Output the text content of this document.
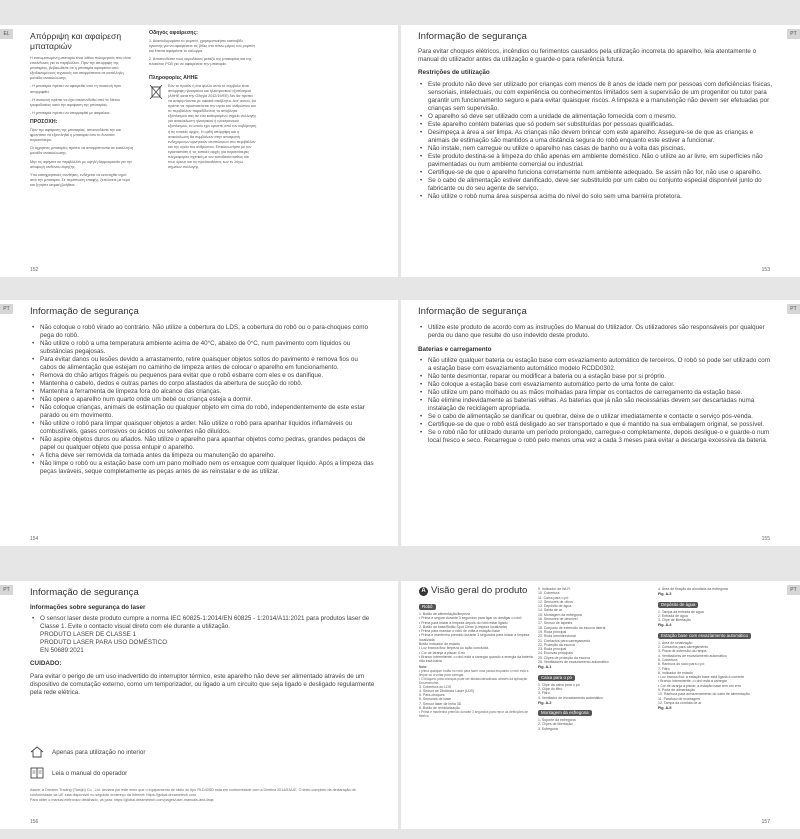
EL	Απόρριψη και αφαίρεση μπαταριών
Η ενσωματωμένη μπαταρία είναι λιθίου πολυμερούς που είναι επικίνδυνες για το περιβάλλον. Πριν την απόρριψη της μπαταρίας, βεβαιωθείτε ότι η μπαταρία αφαιρείται από εξειδικευμένους τεχνικούς και απορρίπτεται σε κατάλληλη μονάδα ανακύκλωσης.
- Η μπαταρία πρέπει να αφαιρεθεί από τη συσκευή πριν απορριφθεί.
- Η συσκευή πρέπει να έχει αποσυνδεθεί από το δίκτυο τροφοδοσίας κατά την αφαίρεση της μπαταρίας.
- Η μπαταρία πρέπει να απορριφθεί με ασφάλεια.
ΠΡΟΣΟΧΗ:
Πριν την αφαίρεση της μπαταρίας, αποσυνδέστε την και φροντίστε να εξαντληθεί η μπαταρία όσο το δυνατόν περισσότερο.
Οι άχρηστες μπαταρίες πρέπει να απορρίπτονται σε κατάλληλη μονάδα ανακύκλωσης.
Μην τις αφήνετε σε περιβάλλον με υψηλή θερμοκρασία για την αποφυγή κινδύνου έκρηξης.
Υπό καταχρηστικές συνθήκες, ενδέχεται να εκτιναχθεί υγρό από την μπαταρία. Σε περίπτωση επαφής, ξεπλύνετε με νερό και ζητήστε ιατρική βοήθεια.
Οδηγός αφαίρεσης:
1. Αναποδογυρίστε το ρομπότ, χρησιμοποιήστε κατσαβίδι εγκοπής για να αφαιρέσετε τις βίδες στο πάνω μέρος του ρομπότ και έπειτα αφαιρέστε το κάλυμμα.
2. Αποσυνδέστε τους ακροδέκτες μεταξύ της μπαταρίας και της πλακέτας PCB για να αφαιρέσετε την μπαταρία.
Πληροφορίες ΑΗΗΕ
Εάν το προϊόν ή ένα φύλλο αυτό το σύμβολο είναι απόρριψη ηλεκτρικού και ηλεκτρονικού εξοπλισμού (ΑΗΗΕ κατά την Οδηγία 2012/19/ΕΕ) δεν θα πρέπει να αναμιγνύονται με οικιακά απόβλητα. Αντ' αυτού, θα πρέπει να προστατεύεται την υγεία του ανθρώπου και το περιβάλλον παραδίδοντας τα απόβλητα εξοπλισμού σας σε ένα καθορισμένο σημείο συλλογής για ανακύκλωση ηλεκτρικού ή ηλεκτρονικού εξοπλισμού, το οποίο έχει ορυστεί από τον κυβέρνηση ή τις τοπικές αρχές. Η ορθή απόρριψη και η ανακύκλωση θα συμβάλουν στην αποτροπή ενδεχόμενων αρνητικών επιπτώσεων στο περιβάλλον και την υγεία του ανθρώπου. Επικοινωνήστε με τον εγκαταστάτη ή τις τοπικές αρχές για περισσότερες πληροφορίες σχετικά με τον τοποθεσία καθώς και τους όρους και τις προϋποθέσεις των εν λόγω σημείων συλλογής.
152
PT
Informação de segurança
Para evitar choques elétricos, incêndios ou ferimentos causados pela utilização incorreta do aparelho, leia atentamente o manual do utilizador antes da utilização e guarde-o para referência futura.
Restrições de utilização
• Este produto não deve ser utilizado por crianças com menos de 8 anos de idade nem por pessoas com deficiências físicas, sensoriais, intelectuais, ou com experiência ou conhecimentos limitados sem a supervisão de um progenitor ou tutor para garantir um funcionamento seguro e para evitar quaisquer riscos. A limpeza e a manutenção não devem ser efetuadas por crianças sem supervisão.
• O aparelho só deve ser utilizado com a unidade de alimentação fornecida com o mesmo.
• Este aparelho contém baterias que só podem ser substituídas por pessoas qualificadas.
• Desimpeça a área a ser limpa. As crianças não devem brincar com este aparelho. Assegure-se de que as crianças e animais de estimação são mantidos a uma distância segura do robô enquanto este estiver a funcionar.
• Não instale, nem carregue ou utilize o aparelho nas casas de banho ou à volta das piscinas.
• Este produto destina-se à limpeza do chão apenas em ambiente doméstico. Não o utilize ao ar livre, em superfícies não pavimentadas ou num ambiente comercial ou industrial.
• Certifique-se de que o aparelho funciona corretamente num ambiente adequado. Se assim não for, não use o aparelho.
• Se o cabo de alimentação estiver danificado, deve ser substituído por um cabo ou conjunto especial disponível junto do fabricante ou do seu agente de serviço.
• Não utilize o robô numa área suspensa acima do nível do solo sem uma barreira protetora.
153
PT	Informação de segurança
• Não coloque o robô virado ao contrário. Não utilize a cobertura do LDS, a cobertura do robô ou o para-choques como pega do robô.
• Não utilize o robô a uma temperatura ambiente acima de 40°C, abaixo de 0°C, num pavimento com líquidos ou substâncias pegajosas.
• Para evitar danos ou lesões devido a arrastamento, retire quaisquer objetos soltos do pavimento e remova fios ou cabos de alimentação que estejam no caminho de limpeza antes de colocar o aparelho em funcionamento.
• Remova do chão artigos frágeis ou pequenos para evitar que o robô esbarre com eles e os danifique.
• Mantenha o cabelo, dedos e outras partes do corpo afastados da abertura de sucção do robô.
• Mantenha a ferramenta de limpeza fora do alcance das crianças.
• Não opere o aparelho num quarto onde um bebé ou criança esteja a dormir.
• Não coloque crianças, animais de estimação ou qualquer objeto em cima do robô, independentemente de este estar parado ou em movimento.
• Não utilize o robô para limpar quaisquer objetos a arder. Não utilize o robô para apanhar líquidos inflamáveis ou combustíveis, gases corrosivos ou ácidos ou solventes não diluídos.
• Não aspire objetos duros ou afiados. Não utilize o aparelho para apanhar objetos como pedras, grandes pedaços de papel ou qualquer objeto que possa entupir o aparelho.
• A ficha deve ser removida da tomada antes da limpeza ou manutenção do aparelho.
• Não limpe o robô ou a estação base com um pano molhado nem os enxague com qualquer líquido. Após a limpeza das peças laváveis, seque completamente as peças antes de as reinstalar e de as utilizar.
154
PT
Informação de segurança
• Utilize este produto de acordo com as instruções do Manual do Utilizador. Os utilizadores são responsáveis por qualquer perda ou dano que resulte do uso indevido deste produto.
Baterias e carregamento
• Não utilize qualquer bateria ou estação base com esvaziamento automático de terceiros. O robô só pode ser utilizado com a estação base com esvaziamento automático modelo RCDD0302.
• Não tente desmontar, reparar ou modificar a bateria ou a estação base por si próprio.
• Não coloque a estação base com esvaziamento automático perto de uma fonte de calor.
• Não utilize um pano molhado ou as mãos molhadas para limpar os contactos de carregamento da estação base.
• Não elimine indevidamente as baterias velhas. As baterias que já não são necessárias devem ser descartadas numa instalação de reciclagem apropriada.
• Se o cabo de alimentação se danificar ou quebrar, deixe de o utilizar imediatamente e contacte o serviço pós-venda.
• Certifique-se de que o robô está desligado ao ser transportado e que é mantido na sua embalagem original, se possível.
• Se o robô não for utilizado durante um período prolongado, carregue-o completamente, depois desligue-o e guarde-o num local fresco e seco. Recarregue o robô pelo menos uma vez a cada 3 meses para evitar a descarga excessiva da bateria.
155
PT	Informação de segurança
Informações sobre segurança do laser
• O sensor laser deste produto cumpre a norma IEC 60825-1:2014/EN 60825 - 1:2014/A11:2021 para produtos laser de Classe 1. Evite o contacto visual direto com ele durante a utilização.
PRODUTO LASER DE CLASSE 1
PRODUTO LASER PARA USO DOMÉSTICO
EN 50689:2021
CUIDADO:
Para evitar o perigo de um uso inadvertido do interruptor térmico, este aparelho não deve ser alimentado através de um dispositivo de comutação externo, como um temporizador, ou ligado a um circuito que seja ligado e desligado regularmente pela rede elétrica.
Apenas para utilização no interior
Leia o manual do operador
Assim, a Dreame Trading (Tianjin) Co., Ltd. declara por este meio que o equipamento de rádio do tipo RLD43SD está em conformidade com a Diretiva 2014/53/UE. O texto completo da declaração de conformidade da UE está disponível no seguinte endereço da Internet: https://global.dreametech.com
Para obter o manual eletrónico detalhado, vá para: https://global.dreametech.com/pages/user-manuals-and-faqs
156
PT
A Visão geral do produto
Robô
1. Botão de alimentação/limpeza
• Prima e segure durante 3 segundos para ligar ou desligar o robô
• Prima para iniciar a limpeza depois do robô estar ligado
2. Botão da base/Botão Spot Clean (Limpeza localizada)
• Prima para mandar o robô de volta à estação base
• Prima e mantenha premido durante 3 segundos para iniciar a limpeza localizada
Botão indicador de estado
• Luz branca fixa: limpeza ou ação concluída
• Cor de laranja a piscar: Erro
• Branco intermitente: o robô está a carregar quando a energia da bateria não está baixa
Nota:
• prima qualquer botão no robô para fazer uma pausa enquanto o robô está a limpar ou a voltar para carregar.
• O bloqueio para crianças pode ser ativado/desativado através da aplicação Dreamehome.
3. Cobertura do LDS
4. Sensor de Distância Laser (LDS)
5. Para-choques
6. Sensores de base
7. Sensor laser de linha 3D
8. Botão de reinicialização
• Prima e mantenha premido durante 3 segundos para repor as definições de fábrica
9. Indicador de Wi-Fi
10. Cobertura
11. Caixa para o pó
12. Sensores de olhos
13. Depósito de água
14. Saída de ar
15. Montagem da esfregona
16. Sensores de desnível
17. Sensor de tapetes
18. Conjunto de extensão da escova lateral
19. Roda principal
20. Roda omnidirecional
21. Contactos para carregamento
22. Proteção da escova
23. Roda principal
24. Escovas principais
25. Clipes de proteção da escova
26. Ventiladores de esvaziamento automático
Fig. A-1
Caixa para o pó
1. Clipe da caixa para o pó
2. Clipe do filtro
3. Filtro
4. Ventilador de esvaziamento automático
Fig. A-2
Montagem da esfregona
1. Suporte da esfregona
2. Clipes de libertação
3. Esfregona
4. Área de fixação da almofada da esfregona
Fig. A-3
Depósito de água
1. Tampa da entrada de água
2. Entrada de água
3. Clipe de libertação
Fig. A-4
Estação base com esvaziamento automático
1. Área de sinalização
2. Contactos para carregamento
3. Placa de extensão da rampa
4. Ventiladores de esvaziamento automático
5. Cobertura
6. Ranhura do saco para o pó
7. Filtro
8. Indicador de estado
• Luz branca fixa: a estação base está ligada à corrente
• Branco intermitente: o robô está a carregar
• Cor de laranja a piscar: a estação base tem um erro
9. Porta de alimentação
10. Ranhura para armazenamento do cabo de alimentação
11. Parafuso de montagem
12. Tampa da conduta de ar
Fig. A-5
157
